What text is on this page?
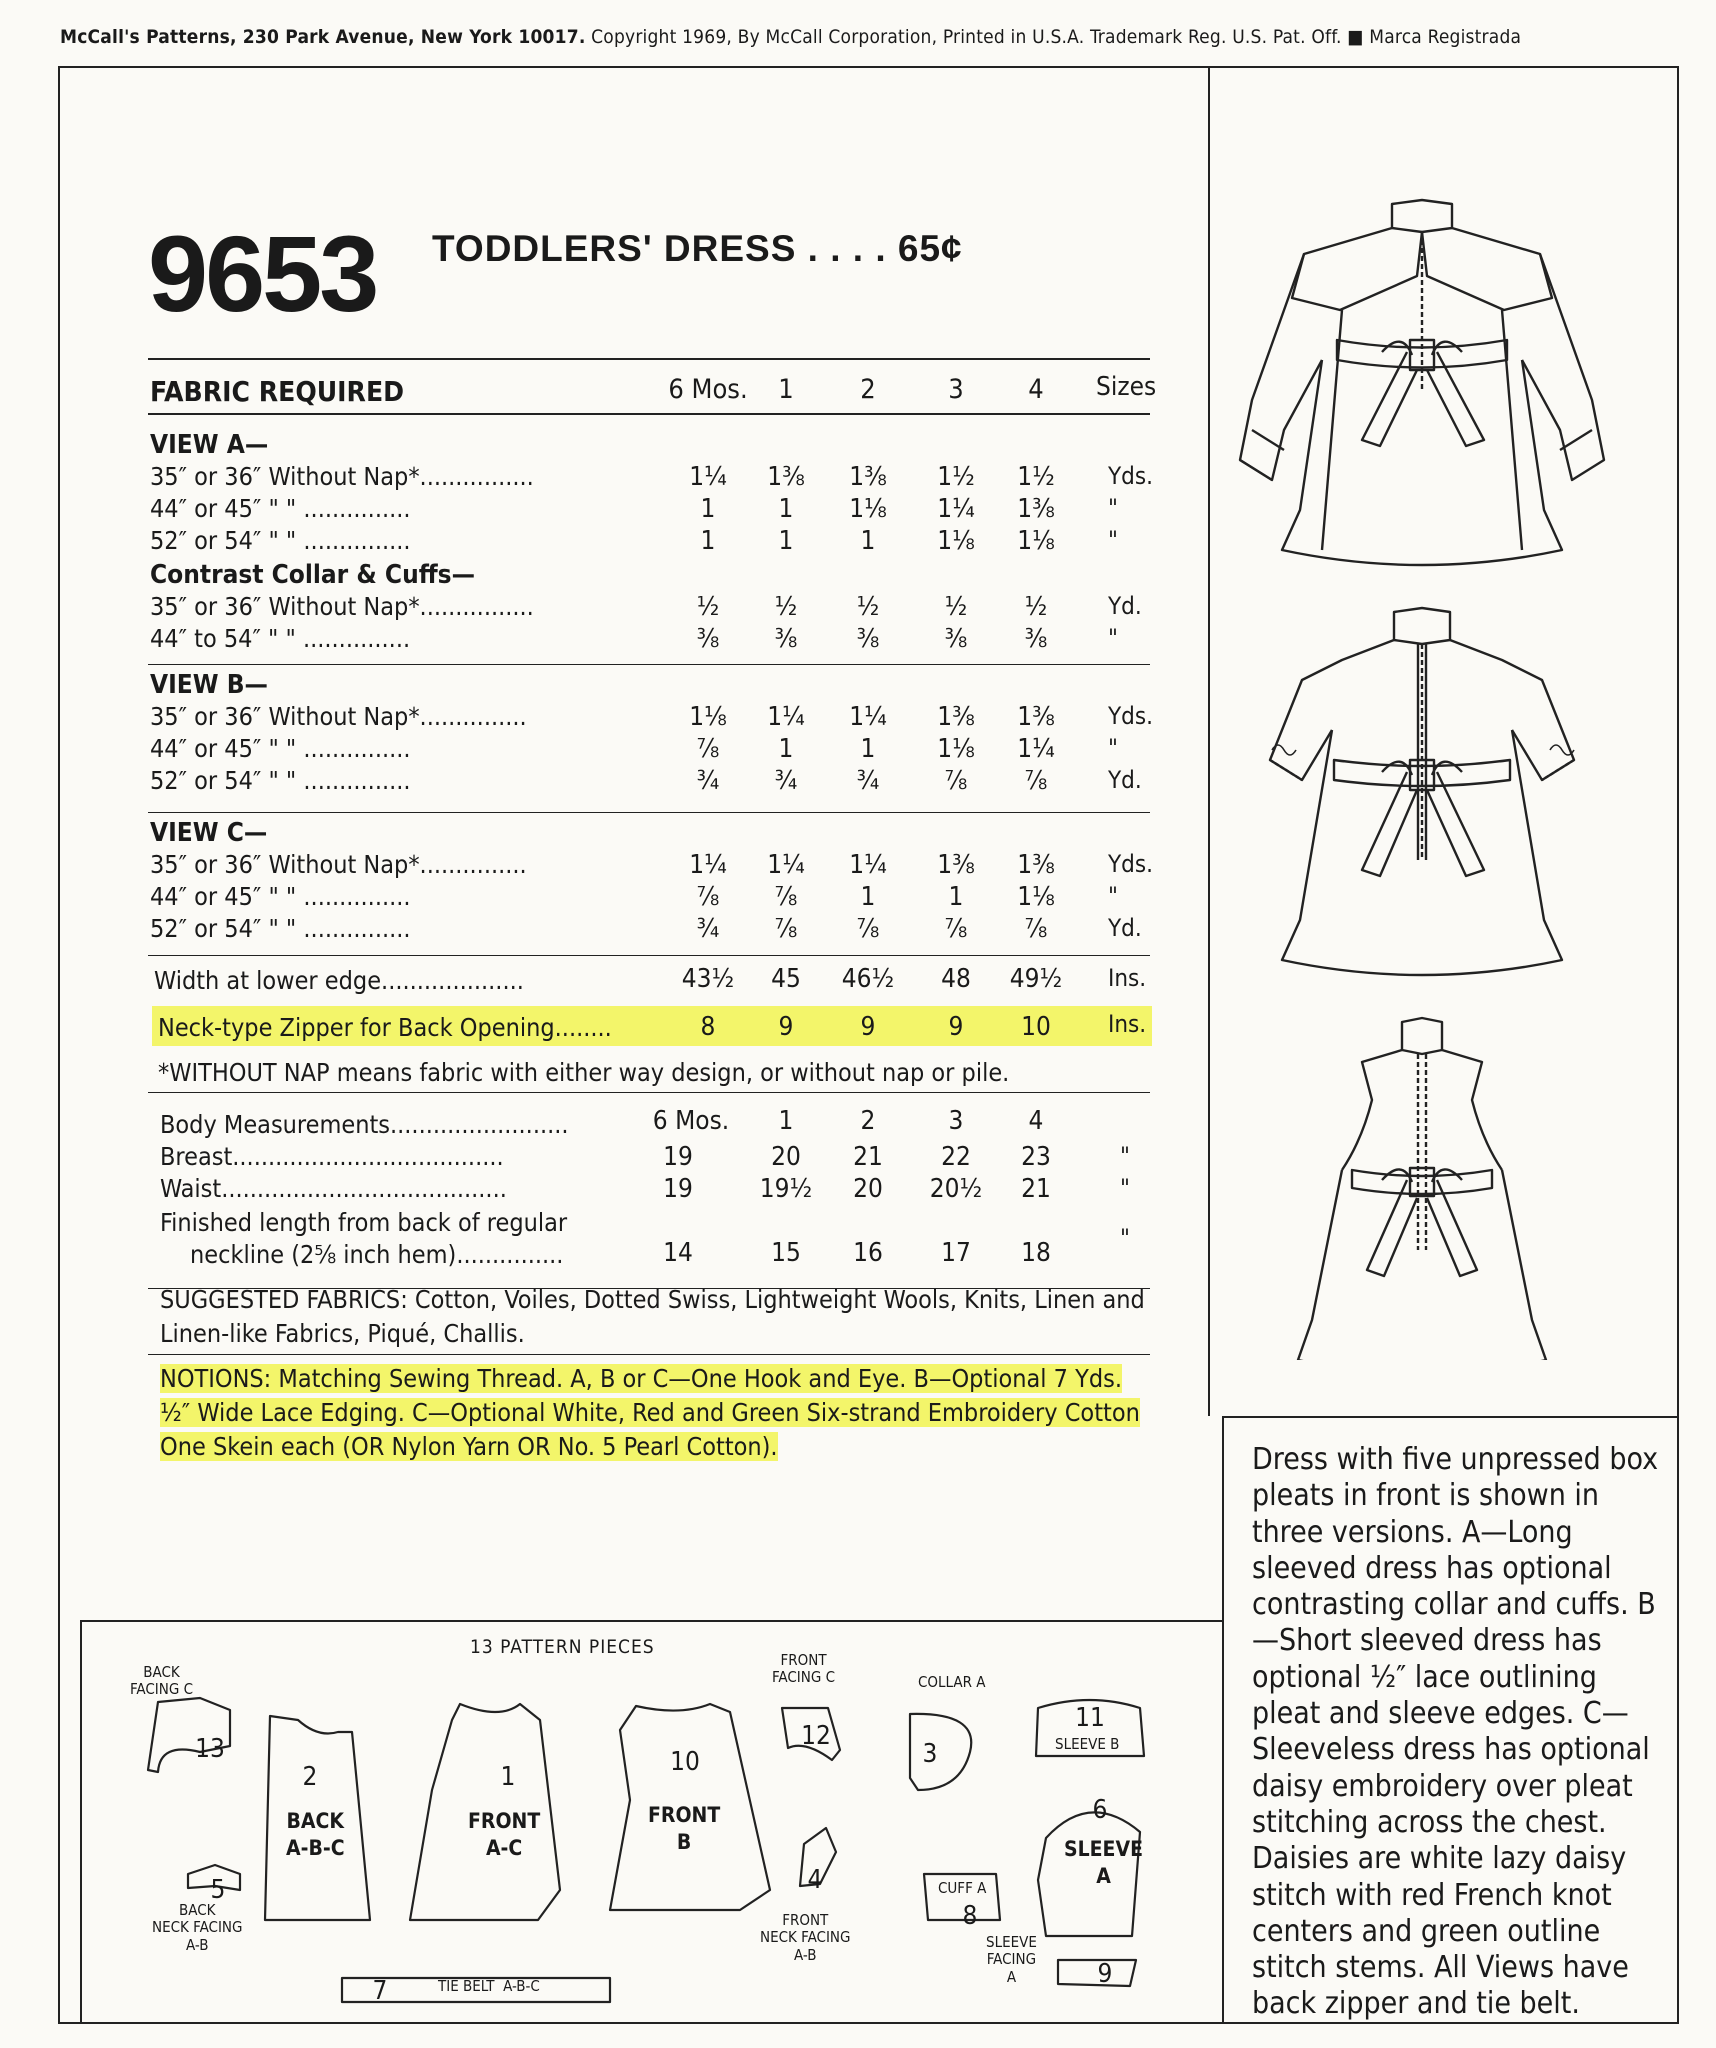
McCall's Patterns, 230 Park Avenue, New York 10017. Copyright 1969, By McCall Corporation, Printed in U.S.A. Trademark Reg. U.S. Pat. Off. ■ Marca Registrada
9653 TODDLERS' DRESS . . . . 65¢
FABRIC REQUIRED	6 Mos.	1	2	3	4	Sizes
VIEW A—
35″ or 36″ Without Nap*................	1¼	1⅜	1⅜	1½	1½	Yds.
44″ or 45″ " " ...............	1	1	1⅛	1¼	1⅜	"
52″ or 54″ " " ...............	1	1	1	1⅛	1⅛	"
Contrast Collar & Cuffs—
35″ or 36″ Without Nap*................	½	½	½	½	½	Yd.
44″ to 54″ " " ...............	⅜	⅜	⅜	⅜	⅜	"
VIEW B—
35″ or 36″ Without Nap*...............	1⅛	1¼	1¼	1⅜	1⅜	Yds.
44″ or 45″ " " ...............	⅞	1	1	1⅛	1¼	"
52″ or 54″ " " ...............	¾	¾	¾	⅞	⅞	Yd.
VIEW C—
35″ or 36″ Without Nap*...............	1¼	1¼	1¼	1⅜	1⅜	Yds.
44″ or 45″ " " ...............	⅞	⅞	1	1	1⅛	"
52″ or 54″ " " ...............	¾	⅞	⅞	⅞	⅞	Yd.
Width at lower edge....................	43½	45	46½	48	49½ Ins.
Neck-type Zipper for Back Opening........	8	9	9	9	10	Ins.
*WITHOUT NAP means fabric with either way design, or without nap or pile.
Body Measurements.........................	6 Mos.	1	2	3	4
Breast......................................	19	20	21	22	23	"
Waist........................................	19	19½	20	20½	21	"
Finished length from back of regular
neckline (2⅝ inch hem)...............	14	15	16	17	18	"
SUGGESTED FABRICS: Cotton, Voiles, Dotted Swiss, Lightweight Wools, Knits, Linen and Linen-like Fabrics, Piqué, Challis.
NOTIONS: Matching Sewing Thread. A, B or C—One Hook and Eye. B—Optional 7 Yds. ½″ Wide Lace Edging. C—Optional White, Red and Green Six-strand Embroidery Cotton One Skein each (OR Nylon Yarn OR No. 5 Pearl Cotton).	Dress with five unpressed box pleats in front is shown in three versions. A—Long sleeved dress has optional contrasting collar and cuffs. B—Short sleeved dress has optional ½″ lace outlining pleat and sleeve edges. C—Sleeveless dress has optional daisy embroidery over pleat stitching across the chest. Daisies are white lazy daisy stitch with red French knot centers and green outline stitch stems. All Views have back zipper and tie belt.
13 PATTERN PIECES
13
BACK
FACING C
2
BACK
A-B-C
5
BACK
NECK FACING
A-B
1
FRONT
A-C
10
FRONT
B
12
FRONT
FACING C
4
FRONT
NECK FACING
A-B
3
COLLAR A
8
CUFF A
11
SLEEVE B
6
SLEEVE
A
9
SLEEVE
FACING
A
7	TIE BELT  A-B-C
